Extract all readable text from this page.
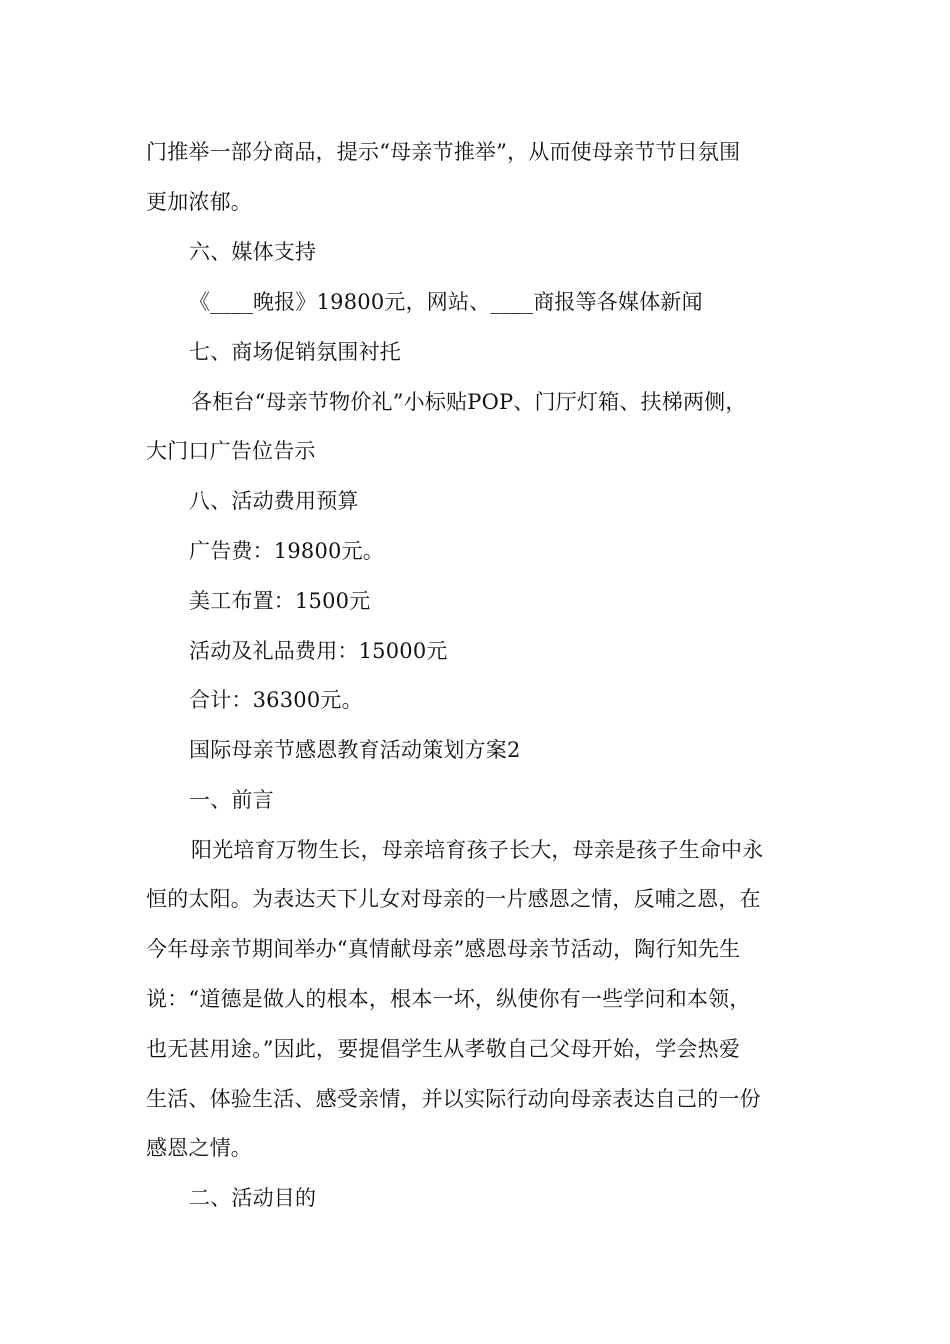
门推举一部分商品，提示“母亲节推举”，从而使母亲节节日氛围
更加浓郁。
六、媒体支持
《____晚报》19800元，网站、____商报等各媒体新闻
七、商场促销氛围衬托
各柜台“母亲节物价礼”小标贴POP、门厅灯箱、扶梯两侧，
大门口广告位告示
八、活动费用预算
广告费：19800元。
美工布置：1500元
活动及礼品费用：15000元
合计：36300元。
国际母亲节感恩教育活动策划方案2
一、前言
阳光培育万物生长，母亲培育孩子长大，母亲是孩子生命中永
恒的太阳。为表达天下儿女对母亲的一片感恩之情，反哺之恩，在
今年母亲节期间举办“真情献母亲”感恩母亲节活动，陶行知先生
说：“道德是做人的根本，根本一坏，纵使你有一些学问和本领，
也无甚用途。”因此，要提倡学生从孝敬自己父母开始，学会热爱
生活、体验生活、感受亲情，并以实际行动向母亲表达自己的一份
感恩之情。
二、活动目的
